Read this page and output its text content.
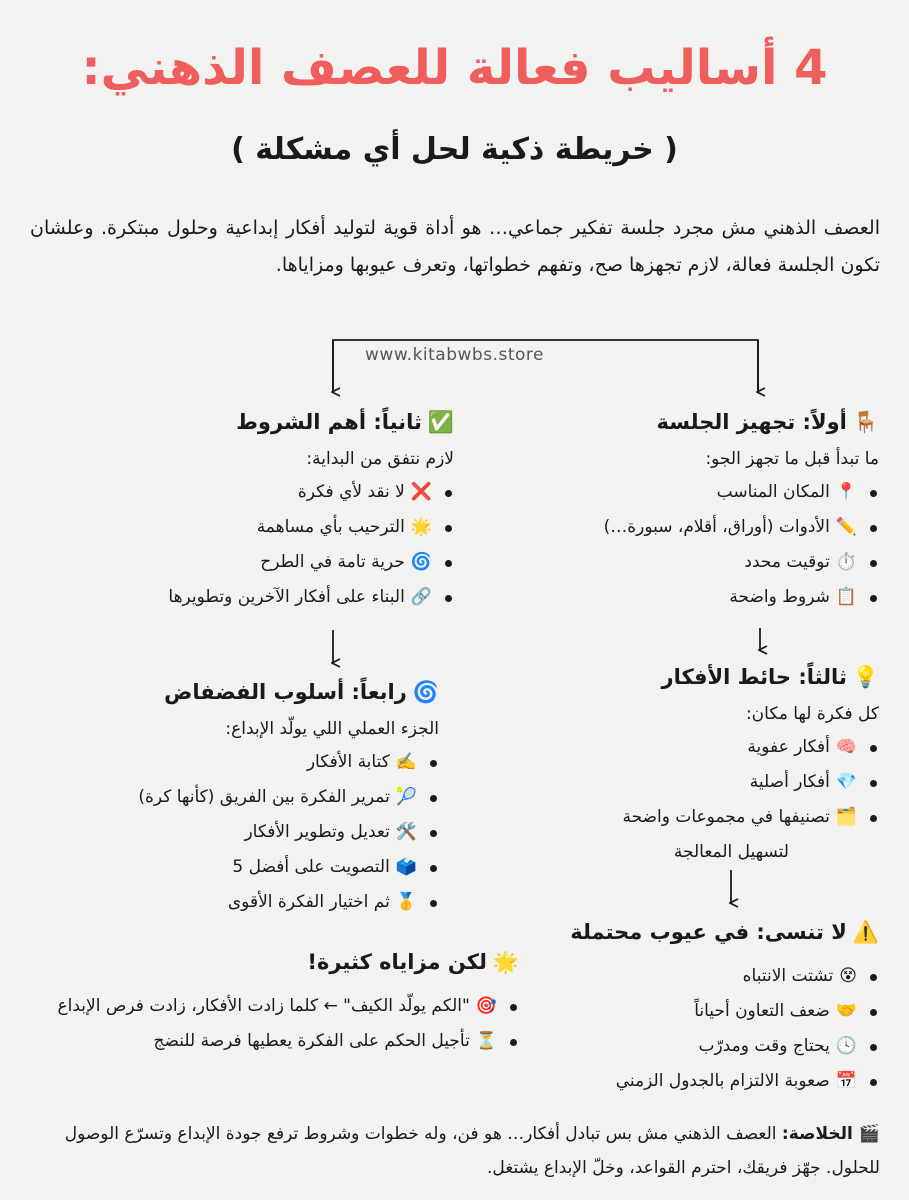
4 أساليب فعالة للعصف الذهني:
( خريطة ذكية لحل أي مشكلة )
العصف الذهني مش مجرد جلسة تفكير جماعي… هو أداة قوية لتوليد أفكار إبداعية وحلول مبتكرة. وعلشان تكون الجلسة فعالة، لازم تجهزها صح، وتفهم خطواتها، وتعرف عيوبها ومزاياها.
www.kitabwbs.store
🪑أولاً: تجهيز الجلسة
ما تبدأ قبل ما تجهز الجو:
📍المكان المناسب
✏️الأدوات (أوراق، أقلام، سبورة…)
⏱️توقيت محدد
📋شروط واضحة
✅ثانياً: أهم الشروط
لازم نتفق من البداية:
❌لا نقد لأي فكرة
🌟الترحيب بأي مساهمة
🌀حرية تامة في الطرح
🔗البناء على أفكار الآخرين وتطويرها
💡ثالثاً: حائط الأفكار
كل فكرة لها مكان:
🧠أفكار عفوية
💎أفكار أصلية
🗂️تصنيفها في مجموعات واضحة
لتسهيل المعالجة
🌀رابعاً: أسلوب الفضفاض
الجزء العملي اللي يولّد الإبداع:
✍️كتابة الأفكار
🎾تمرير الفكرة بين الفريق (كأنها كرة)
🛠️تعديل وتطوير الأفكار
🗳️التصويت على أفضل 5
🥇ثم اختيار الفكرة الأقوى
⚠️لا تنسى: في عيوب محتملة
😵تشتت الانتباه
🤝ضعف التعاون أحياناً
🕓يحتاج وقت ومدرّب
📅صعوبة الالتزام بالجدول الزمني
🌟لكن مزاياه كثيرة!
🎯"الكم يولّد الكيف" ← كلما زادت الأفكار، زادت فرص الإبداع
⏳تأجيل الحكم على الفكرة يعطيها فرصة للنضج
🎬الخلاصة: العصف الذهني مش بس تبادل أفكار… هو فن، وله خطوات وشروط ترفع جودة الإبداع وتسرّع الوصول للحلول. جهّز فريقك، احترم القواعد، وخلّ الإبداع يشتغل.
